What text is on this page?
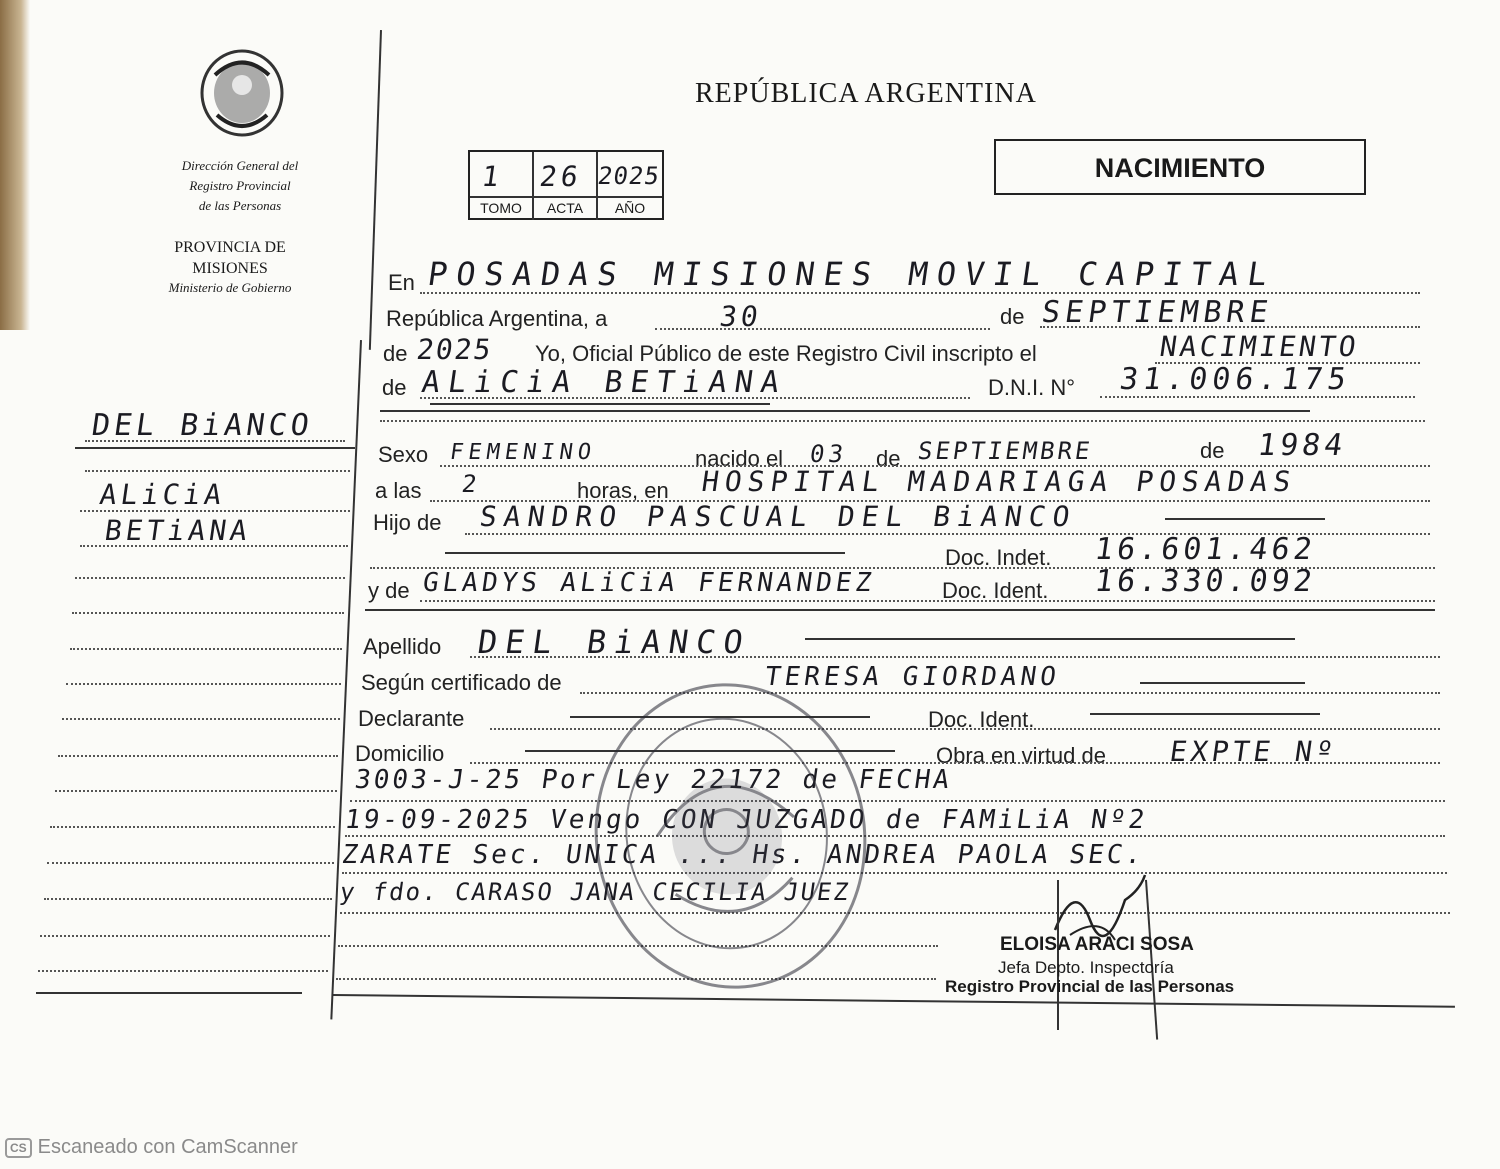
Dirección General del
Registro Provincial
de las Personas
PROVINCIA DE
MISIONES
Ministerio de Gobierno
DEL BiANCO
ALiCiA
BETiANA
REPÚBLICA ARGENTINA
1 26 2025
TOMO	ACTA	AÑO
NACIMIENTO
En POSADAS MISIONES MOVIL CAPITAL
República Argentina, a	30	de SEPTIEMBRE
de 2025 Yo, Oficial Público de este Registro Civil inscripto el	NACIMIENTO
de ALiCiA BETiANA	D.N.I. N° 31.006.175
Sexo FEMENINO	nacido el 03 de SEPTIEMBRE	de 1984
a las 2	horas, en HOSPITAL MADARIAGA POSADAS
Hijo de SANDRO PASCUAL DEL BiANCO
Doc. Indet. 16.601.462
y de GLADYS ALiCiA FERNANDEZ	Doc. Ident. 16.330.092
Apellido DEL BiANCO
Según certificado de	TERESA GIORDANO
Declarante	Doc. Ident.
Domicilio	Obra en virtud de EXPTE Nº
3003-J-25 Por Ley 22172 de FECHA
19-09-2025 Vengo CON JUZGADO de FAMiLiA Nº2
ZARATE Sec. UNICA ... Hs. ANDREA PAOLA SEC.
y fdo. CARASO JANA CECILIA JUEZ
ELOISA ARACI SOSA
Jefa Depto. Inspectoría
Registro Provincial de las Personas
CS Escaneado con CamScanner
